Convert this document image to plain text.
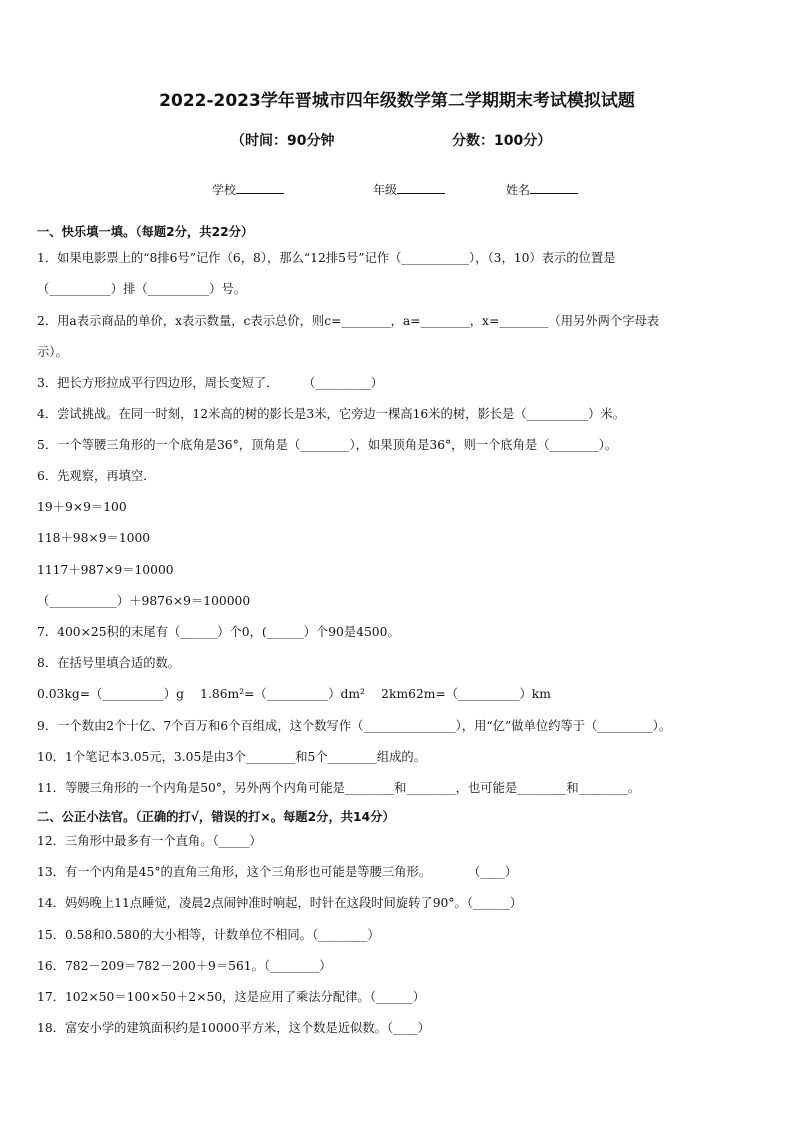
2022-2023学年晋城市四年级数学第二学期期末考试模拟试题
（时间：90分钟	分数：100分）
学校	年级	姓名
一、快乐填一填。（每题2分，共22分）
1．如果电影票上的“8排6号”记作（6，8），那么“12排5号”记作（___________），（3，10）表示的位置是
（__________）排（__________）号。
2．用a表示商品的单价，x表示数量，c表示总价，则c=________，a=________，x=________（用另外两个字母表
示）。
3．把长方形拉成平行四边形，周长变短了．　　　（_________）
4．尝试挑战。在同一时刻，12米高的树的影长是3米，它旁边一棵高16米的树，影长是（__________）米。
5．一个等腰三角形的一个底角是36°，顶角是（________），如果顶角是36°，则一个底角是（________）。
6．先观察，再填空．
19＋9×9＝100
118＋98×9＝1000
1117＋987×9＝10000
（___________）＋9876×9＝100000
7．400×25积的末尾有（______）个0，(______）个90是4500。
8．在括号里填合适的数。
0.03kg=（__________）g　 1.86m²=（__________）dm²　 2km62m=（__________）km
9．一个数由2个十亿、7个百万和6个百组成，这个数写作（_______________），用“亿”做单位约等于（_________）。
10．1个笔记本3.05元，3.05是由3个________和5个________组成的。
11．等腰三角形的一个内角是50°，另外两个内角可能是________和________，也可能是________和________。
二、公正小法官。（正确的打√，错误的打×。每题2分，共14分）
12．三角形中最多有一个直角。（_____）
13．有一个内角是45°的直角三角形，这个三角形也可能是等腰三角形。　　　　（____）
14．妈妈晚上11点睡觉，凌晨2点闹钟准时响起，时针在这段时间旋转了90°。（______）
15．0.58和0.580的大小相等，计数单位不相同。（________）
16．782－209＝782－200＋9＝561。（________）
17．102×50＝100×50＋2×50，这是应用了乘法分配律。（______）
18．富安小学的建筑面积约是10000平方米，这个数是近似数。（____）
